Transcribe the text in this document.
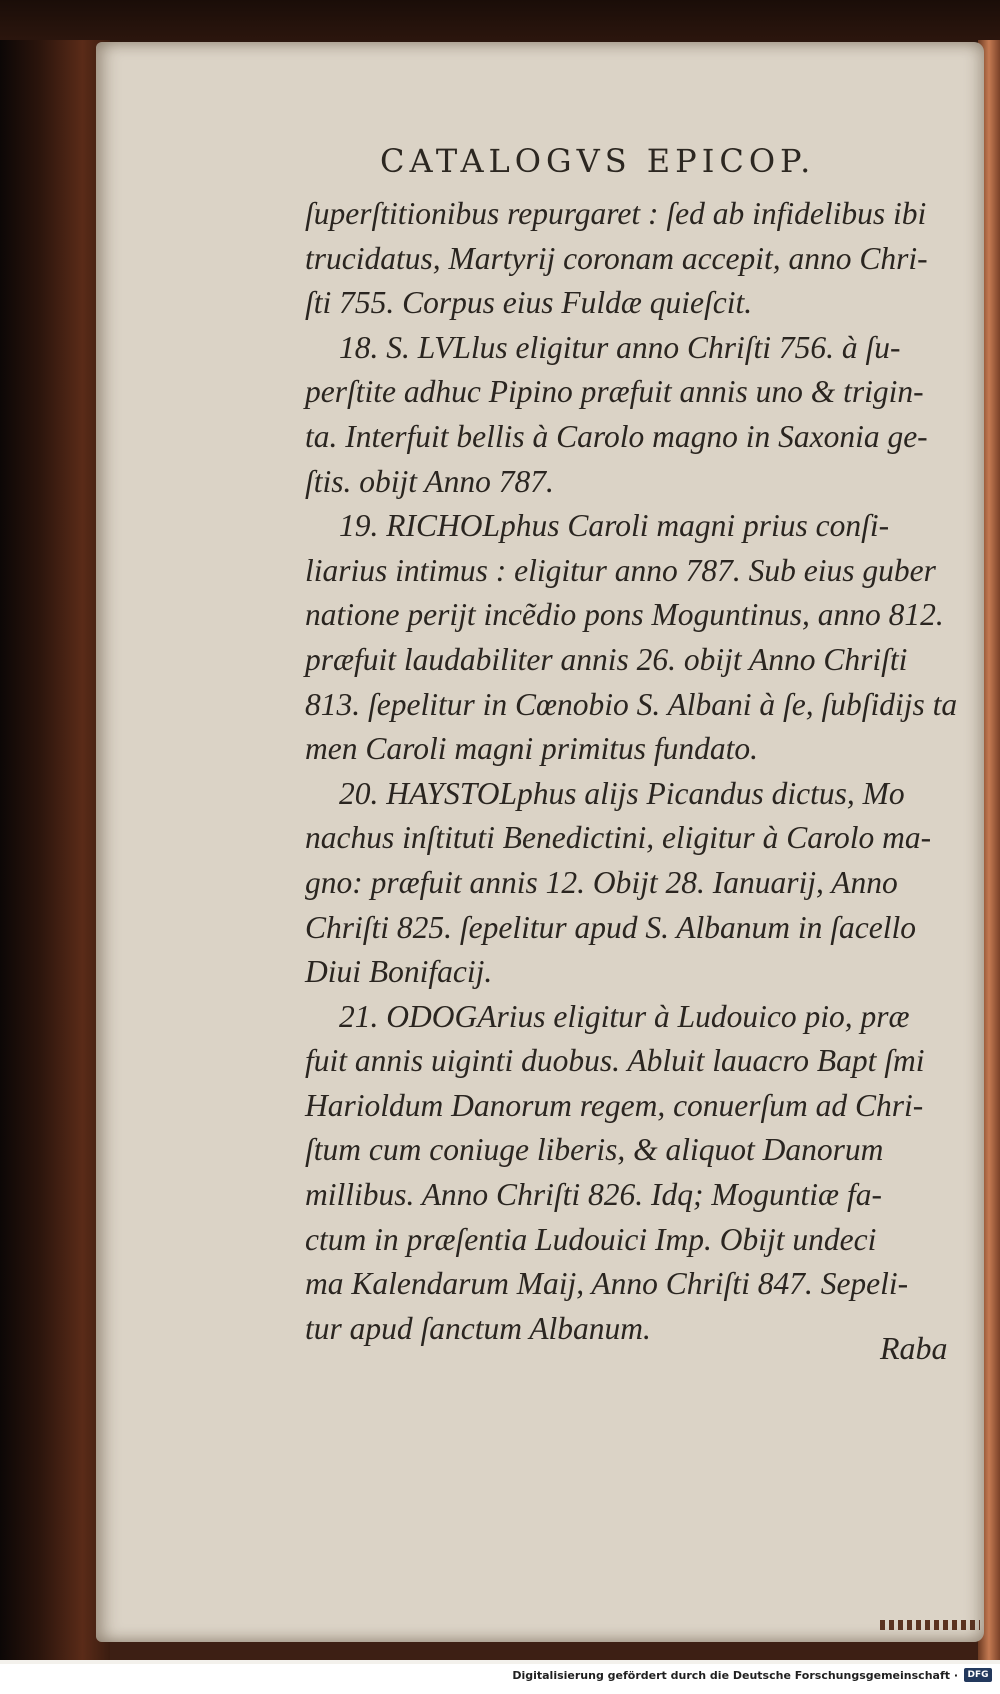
CATALOGVS EPICOP.
ſuperſtitionibus repurgaret : ſed ab infidelibus ibi
trucidatus, Martyrij coronam accepit, anno Chri-
ſti 755. Corpus eius Fuldæ quieſcit.
18. S. LVLlus eligitur anno Chriſti 756. à ſu-
perſtite adhuc Pipino præfuit annis uno & trigin-
ta. Interfuit bellis à Carolo magno in Saxonia ge-
ſtis. obijt Anno 787.
19. RICHOLphus Caroli magni prius conſi-
liarius intimus : eligitur anno 787. Sub eius guber
natione perijt incẽdio pons Moguntinus, anno 812.
præfuit laudabiliter annis 26. obijt Anno Chriſti
813. ſepelitur in Cœnobio S. Albani à ſe, ſubſidijs ta
men Caroli magni primitus fundato.
20. HAYSTOLphus alijs Picandus dictus, Mo
nachus inſtituti Benedictini, eligitur à Carolo ma-
gno: præfuit annis 12. Obijt 28. Ianuarij, Anno
Chriſti 825. ſepelitur apud S. Albanum in ſacello
Diui Bonifacij.
21. ODOGArius eligitur à Ludouico pio, præ
fuit annis uiginti duobus. Abluit lauacro Bapt ſmi
Harioldum Danorum regem, conuerſum ad Chri-
ſtum cum coniuge liberis, & aliquot Danorum
millibus. Anno Chriſti 826. Idq; Moguntiæ fa-
ctum in præſentia Ludouici Imp. Obijt undeci
ma Kalendarum Maij, Anno Chriſti 847. Sepeli-
tur apud ſanctum Albanum.
Raba
Digitalisierung gefördert durch die Deutsche Forschungsgemeinschaft ·	DFG
